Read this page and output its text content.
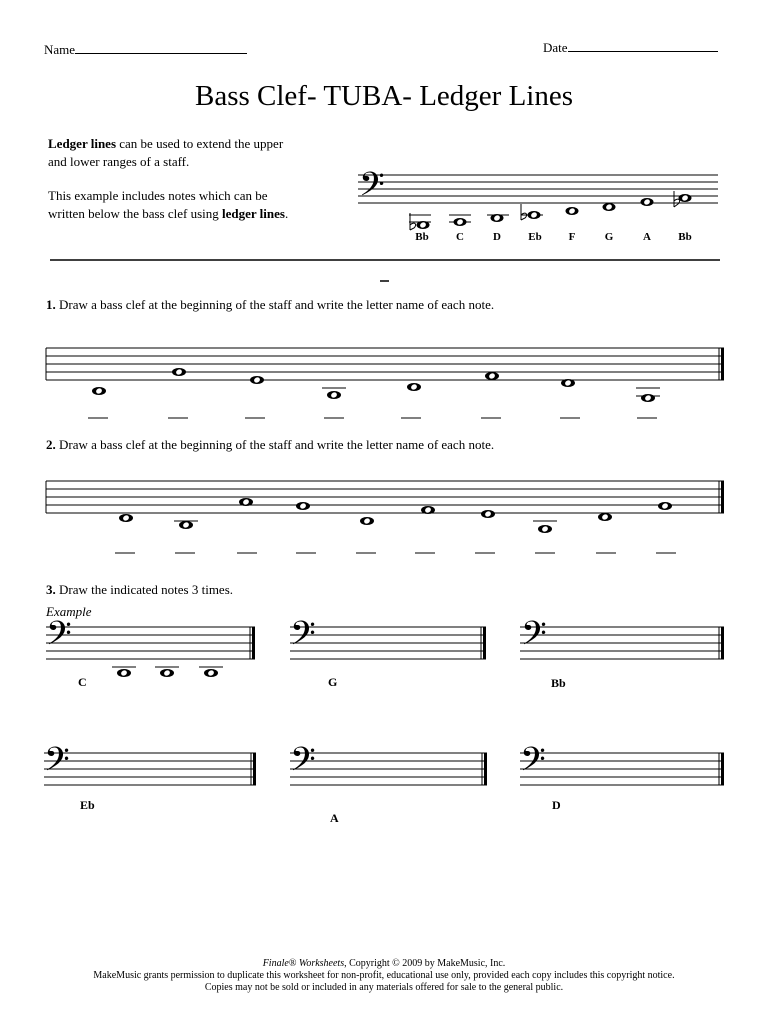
Name	Date
Bass Clef- TUBA- Ledger Lines
Ledger lines can be used to extend the upper
and lower ranges of a staff.
This example includes notes which can be
written below the bass clef using ledger lines.
1. Draw a bass clef at the beginning of the staff and write the letter name of each note.
2. Draw a bass clef at the beginning of the staff and write the letter name of each note.
3. Draw the indicated notes 3 times.
Example
Bb	C	D	Eb	F	G	A	Bb
C	G	Bb
Eb
A
D
𝄢
𝄢	𝄢	𝄢
𝄢	𝄢	𝄢
Finale® Worksheets, Copyright © 2009 by MakeMusic, Inc.
MakeMusic grants permission to duplicate this worksheet for non-profit, educational use only, provided each copy includes this copyright notice.
Copies may not be sold or included in any materials offered for sale to the general public.
